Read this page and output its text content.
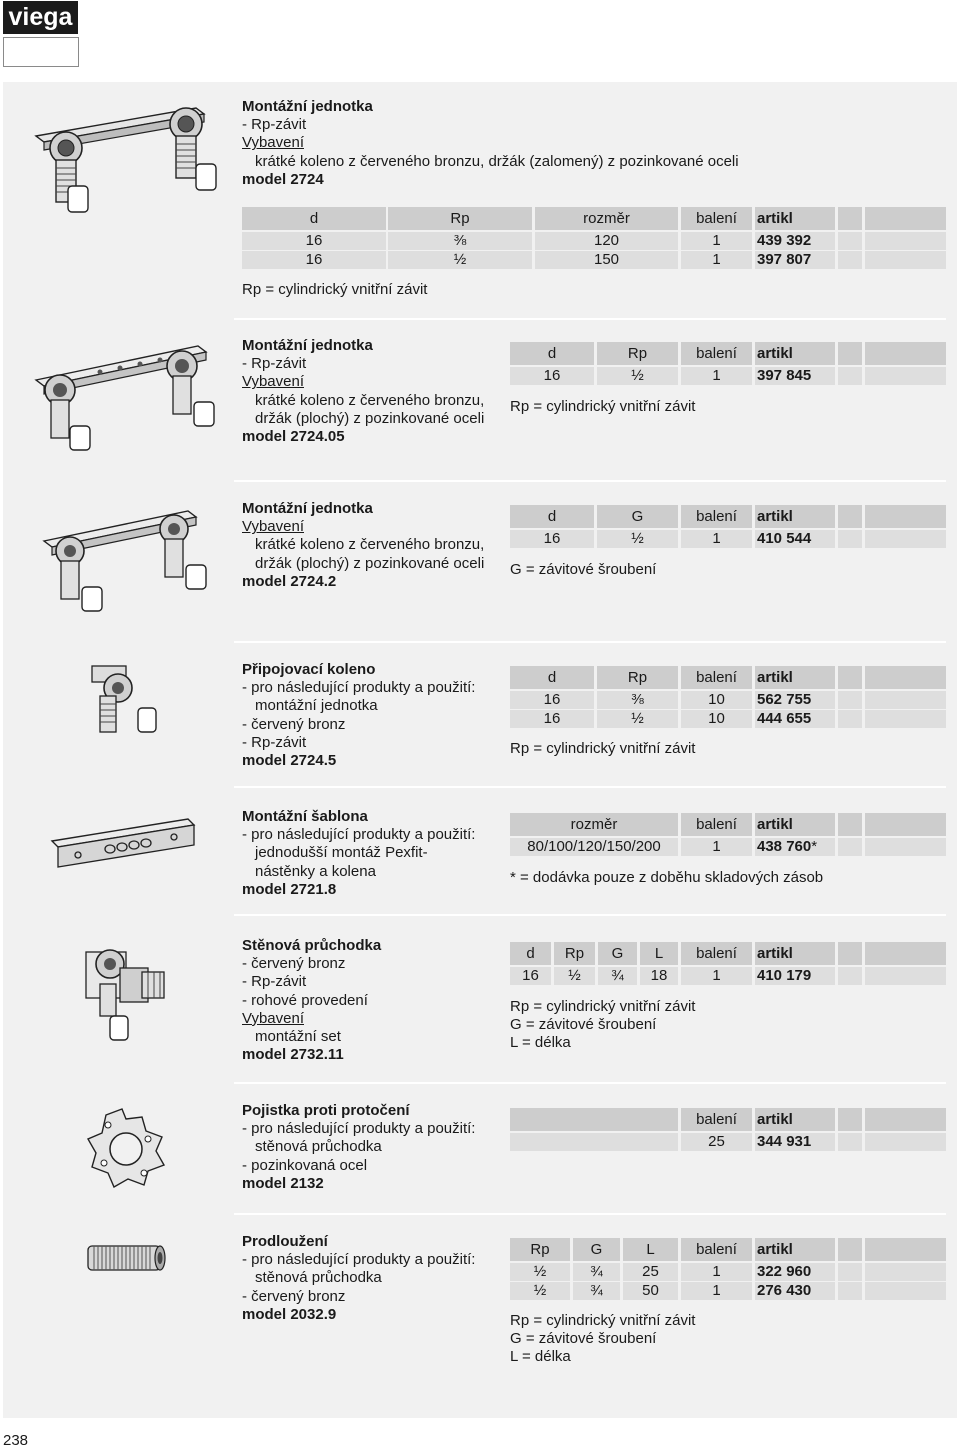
viega
Montážní jednotka
- Rp-závit
Vybavení
krátké koleno z červeného bronzu, držák (zalomený) z pozinkované oceli
model 2724
Montážní jednotka
- Rp-závit
Vybavení
krátké koleno z červeného bronzu,
držák (plochý) z pozinkované oceli
model 2724.05
Montážní jednotka
Vybavení
krátké koleno z červeného bronzu,
držák (plochý) z pozinkované oceli
model 2724.2
Připojovací koleno
- pro následující produkty a použití:
montážní jednotka
- červený bronz
- Rp-závit
model 2724.5
Montážní šablona
- pro následující produkty a použití:
jednodušší montáž Pexfit-
nástěnky a kolena
model 2721.8
Stěnová průchodka
- červený bronz
- Rp-závit
- rohové provedení
Vybavení
montážní set
model 2732.11
Pojistka proti protočení
- pro následující produkty a použití:
stěnová průchodka
- pozinkovaná ocel
model 2132
Prodloužení
- pro následující produkty a použití:
stěnová průchodka
- červený bronz
model 2032.9
d	Rp	rozměr	balení	artikl
16	⅜	120	1	439 392
16	½	150	1	397 807
Rp = cylindrický vnitřní závit
d	Rp	balení	artikl
16	½	1	397 845
Rp = cylindrický vnitřní závit
d	G	balení	artikl
16	½	1	410 544
G = závitové šroubení
d	Rp	balení	artikl
16	⅜	10	562 755
16	½	10	444 655
Rp = cylindrický vnitřní závit
rozměr	balení	artikl
80/100/120/150/200	1	438 760*
* = dodávka pouze z doběhu skladových zásob
d	Rp	G	L	balení	artikl
16	½	¾	18	1	410 179
Rp = cylindrický vnitřní závit
G = závitové šroubení
L = délka
balení	artikl
25	344 931
Rp	G	L	balení	artikl
½	¾	25	1	322 960
½	¾	50	1	276 430
Rp = cylindrický vnitřní závit
G = závitové šroubení
L = délka
238
